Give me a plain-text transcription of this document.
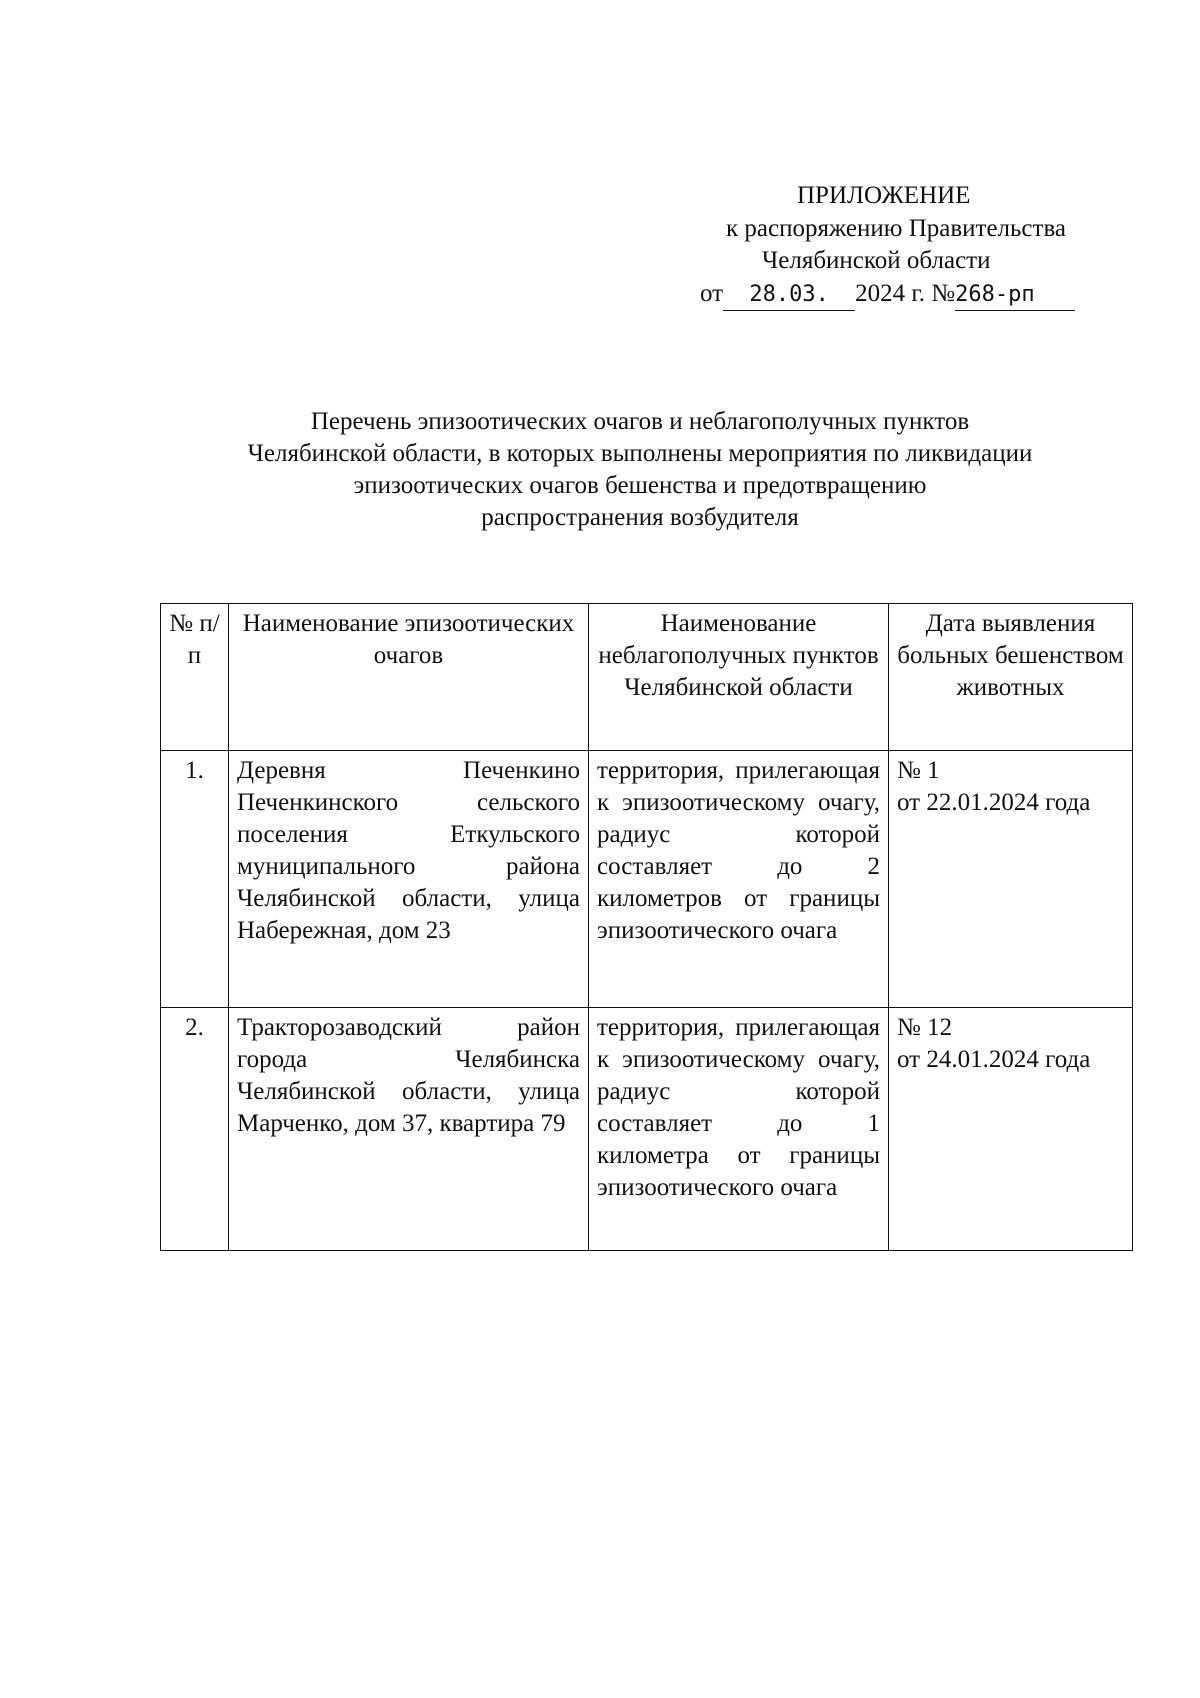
ПРИЛОЖЕНИЕ
к распоряжению Правительства
Челябинской области
от 28.03. 2024 г. №268-рп
Перечень эпизоотических очагов и неблагополучных пунктов
Челябинской области, в которых выполнены мероприятия по ликвидации
эпизоотических очагов бешенства и предотвращению
распространения возбудителя
№ п/п	Наименование эпизоотических очагов	Наименование неблагополучных пунктов Челябинской области	Дата выявления больных бешенством животных
1.	Деревня Печенкино Печенкинского сельского поселения Еткульского муниципального района Челябинской области, улица Набережная, дом 23	территория, прилегающая к эпизоотическому очагу, радиус которой составляет до 2 километров от границы эпизоотического очага	№ 1
от 22.01.2024 года

2.	Тракторозаводский район города Челябинска Челябинской области, улица Марченко, дом 37, квартира 79	территория, прилегающая к эпизоотическому очагу, радиус которой составляет до 1 километра от границы эпизоотического очага	№ 12
от 24.01.2024 года
